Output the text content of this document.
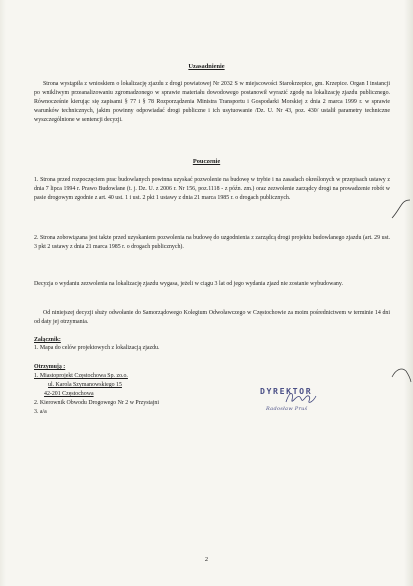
Uzasadnienie
Strona wystąpiła z wnioskiem o lokalizację zjazdu z drogi powiatowej Nr 2032 S w miejscowości Starokrzepice, gm. Krzepice. Organ I instancji po wnikliwym przeanalizowaniu zgromadzonego w sprawie materiału dowodowego postanowił wyrazić zgodę na lokalizację zjazdu publicznego. Równocześnie kierując się zapisami § 77 i § 78 Rozporządzenia Ministra Transportu i Gospodarki Morskiej z dnia 2 marca 1999 r. w sprawie warunków technicznych, jakim powinny odpowiadać drogi publiczne i ich usytuowanie /Dz. U. Nr 43, poz. 430/ ustalił parametry techniczne wyszczególnione w sentencji decyzji.
Pouczenie
1. Strona przed rozpoczęciem prac budowlanych powinna uzyskać pozwolenie na budowę w trybie i na zasadach określonych w przepisach ustawy z dnia 7 lipca 1994 r. Prawo Budowlane (t. j. Dz. U. z 2006 r. Nr 156, poz.1118 - z późn. zm.) oraz zezwolenie zarządcy drogi na prowadzenie robót w pasie drogowym zgodnie z art. 40 ust. 1 i ust. 2 pkt 1 ustawy z dnia 21 marca 1985 r. o drogach publicznych.
2. Strona zobowiązana jest także przed uzyskaniem pozwolenia na budowę do uzgodnienia z zarządcą drogi projektu budowlanego zjazdu (art. 29 ust. 3 pkt 2 ustawy z dnia 21 marca 1985 r. o drogach publicznych).
Decyzja o wydaniu zezwolenia na lokalizację zjazdu wygasa, jeżeli w ciągu 3 lat od jego wydania zjazd nie zostanie wybudowany.
Od niniejszej decyzji służy odwołanie do Samorządowego Kolegium Odwoławczego w Częstochowie za moim pośrednictwem w terminie 14 dni od daty jej otrzymania.
Załącznik:
1. Mapa do celów projektowych z lokalizacją zjazdu.
Otrzymują :
1. Miastoprojekt Częstochowa Sp. zo.o.
ul. Karola Szymanowskiego 15
42-201 Częstochowa
2. Kierownik Obwodu Drogowego Nr 2 w Przystajni
3. a/a
DYREKTOR
Radosław Pruś
2
